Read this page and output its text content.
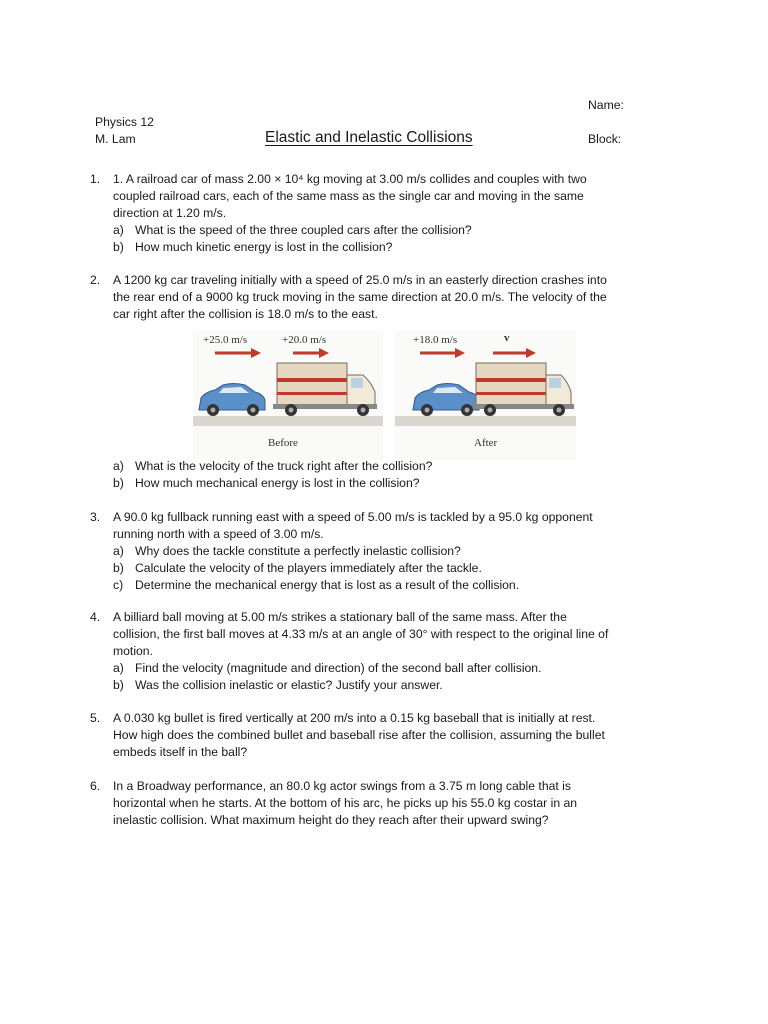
Name:
Physics 12
M. Lam	Elastic and Inelastic Collisions	Block:
1. 1. A railroad car of mass 2.00 × 10⁴ kg moving at 3.00 m/s collides and couples with two
coupled railroad cars, each of the same mass as the single car and moving in the same
direction at 1.20 m/s.
a) What is the speed of the three coupled cars after the collision?
b) How much kinetic energy is lost in the collision?
2. A 1200 kg car traveling initially with a speed of 25.0 m/s in an easterly direction crashes into
the rear end of a 9000 kg truck moving in the same direction at 20.0 m/s. The velocity of the
car right after the collision is 18.0 m/s to the east.
+25.0 m/s	+20.0 m/s	+18.0 m/s	v⃗
Before	After
a) What is the velocity of the truck right after the collision?
b) How much mechanical energy is lost in the collision?
3. A 90.0 kg fullback running east with a speed of 5.00 m/s is tackled by a 95.0 kg opponent
running north with a speed of 3.00 m/s.
a) Why does the tackle constitute a perfectly inelastic collision?
b) Calculate the velocity of the players immediately after the tackle.
c) Determine the mechanical energy that is lost as a result of the collision.
4. A billiard ball moving at 5.00 m/s strikes a stationary ball of the same mass. After the
collision, the first ball moves at 4.33 m/s at an angle of 30° with respect to the original line of
motion.
a) Find the velocity (magnitude and direction) of the second ball after collision.
b) Was the collision inelastic or elastic? Justify your answer.
5. A 0.030 kg bullet is fired vertically at 200 m/s into a 0.15 kg baseball that is initially at rest.
How high does the combined bullet and baseball rise after the collision, assuming the bullet
embeds itself in the ball?
6. In a Broadway performance, an 80.0 kg actor swings from a 3.75 m long cable that is
horizontal when he starts. At the bottom of his arc, he picks up his 55.0 kg costar in an
inelastic collision. What maximum height do they reach after their upward swing?
